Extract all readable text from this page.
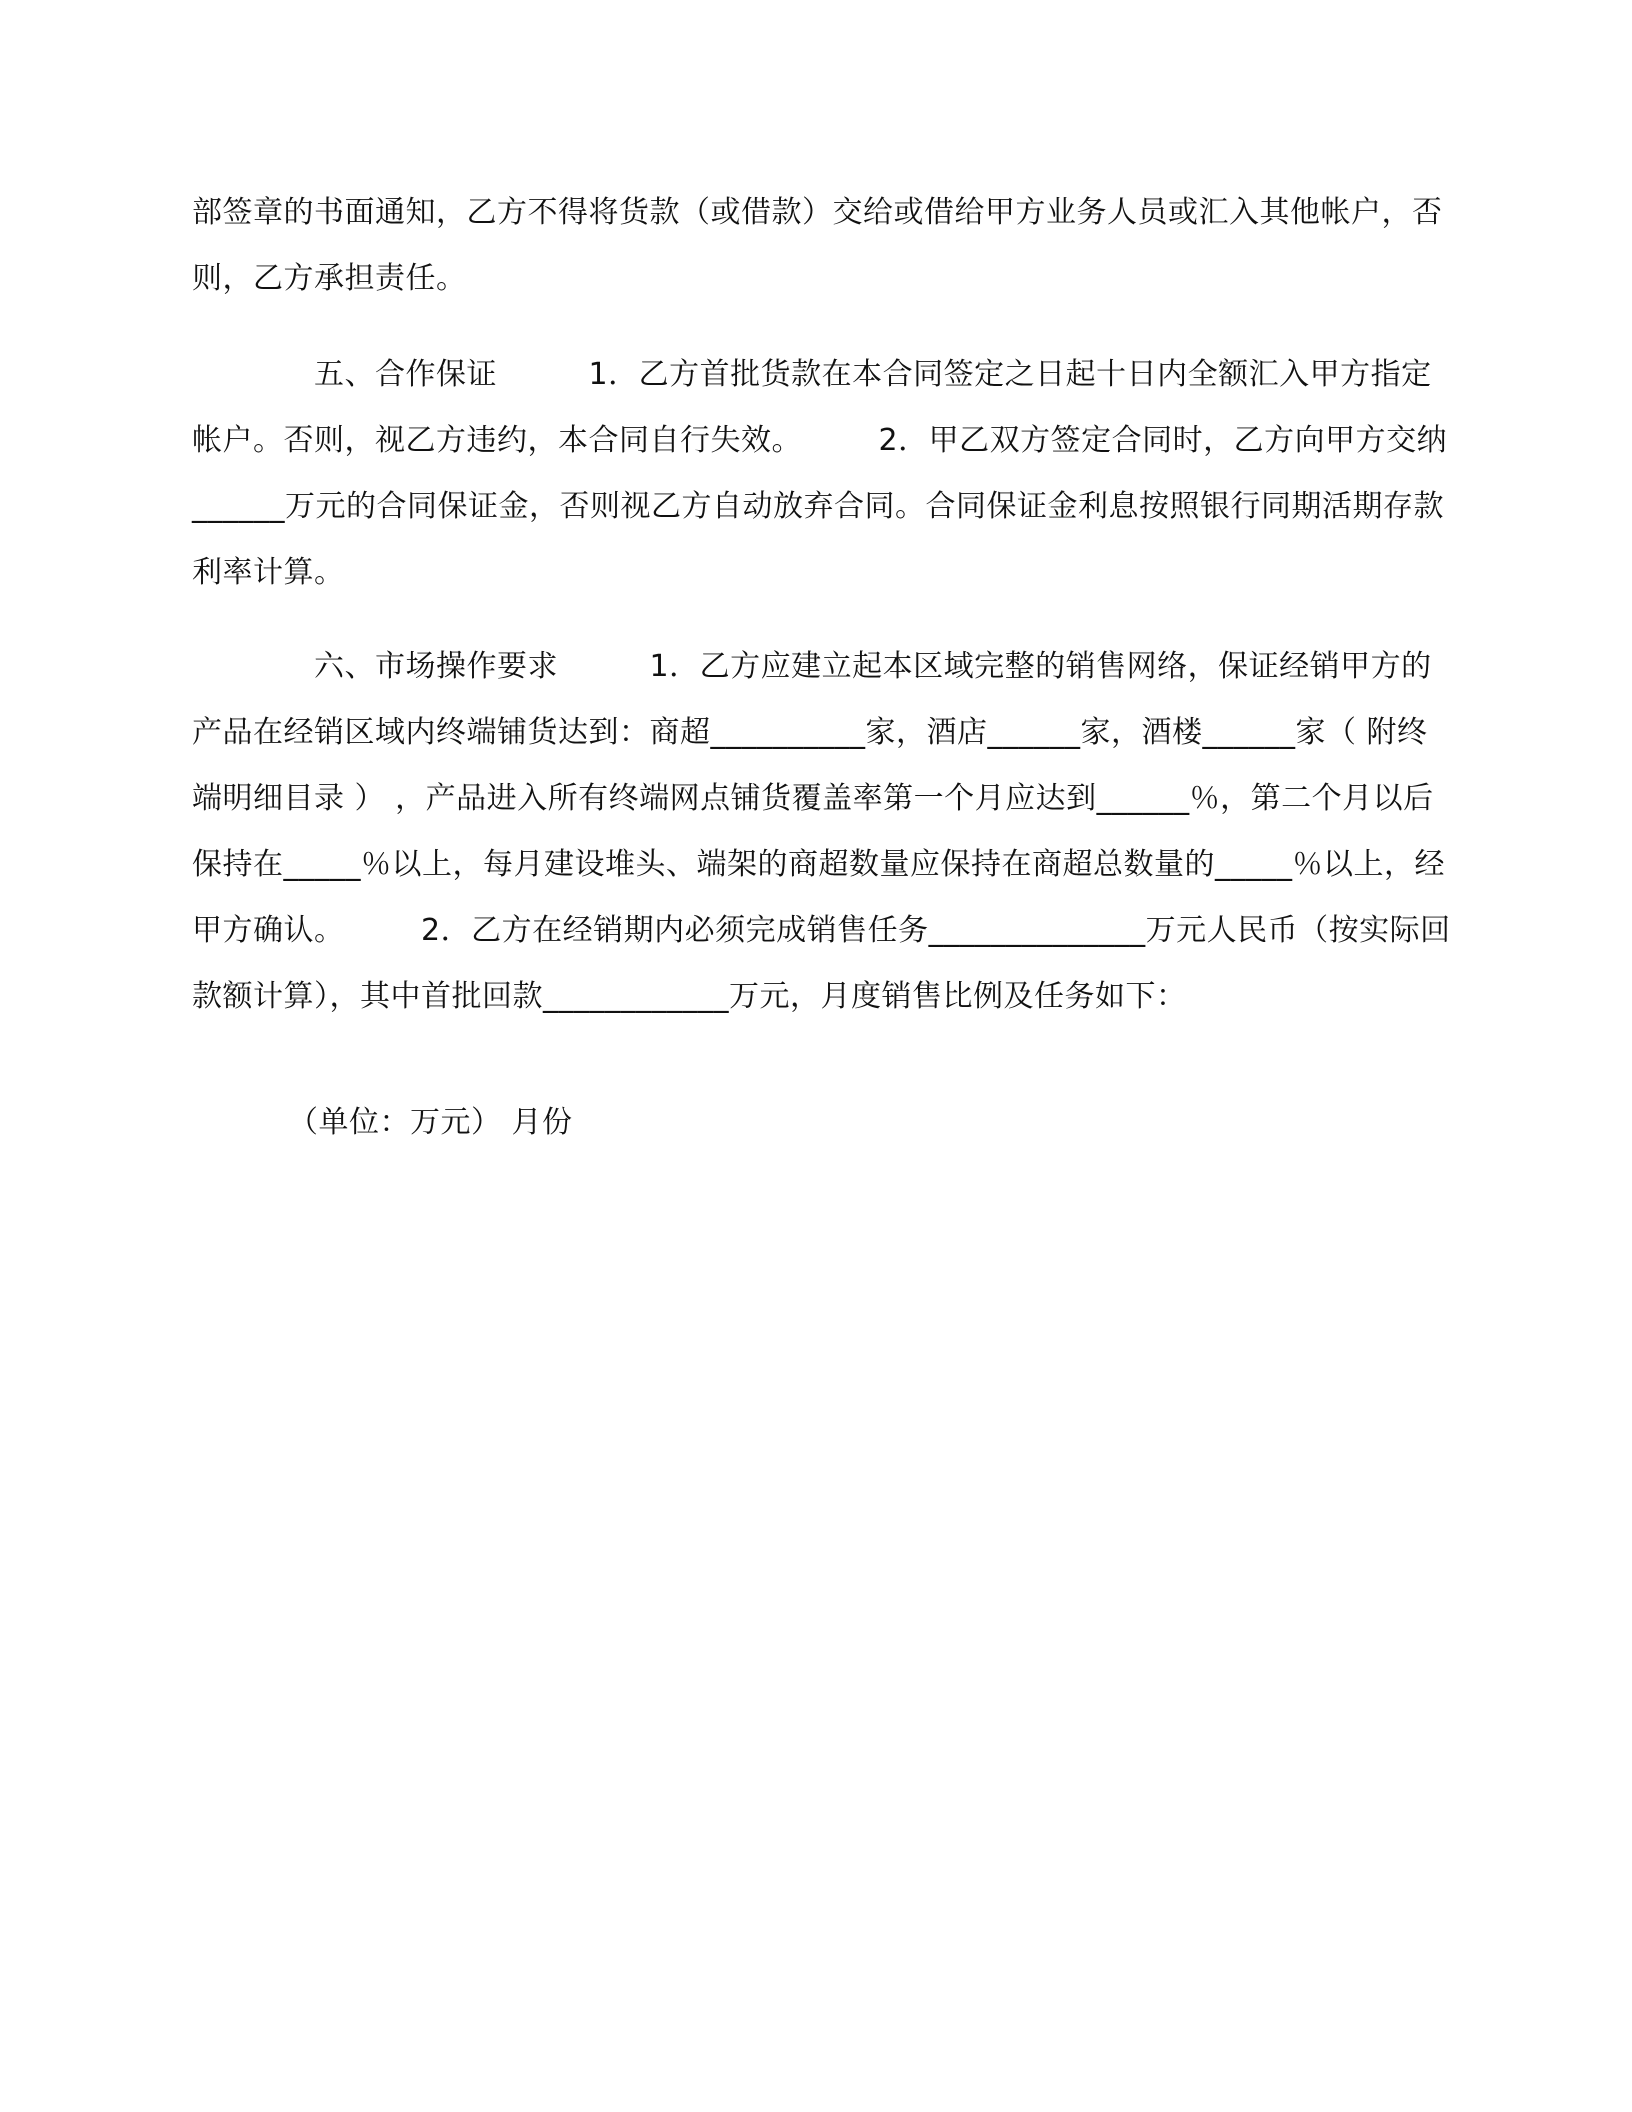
部签章的书面通知，乙方不得将货款（或借款）交给或借给甲方业务人员或汇入其他帐户，否则，乙方承担责任。

　　　　五、合作保证　　　1．乙方首批货款在本合同签定之日起十日内全额汇入甲方指定帐户。否则，视乙方违约，本合同自行失效。　　　2．甲乙双方签定合同时，乙方向甲方交纳______万元的合同保证金，否则视乙方自动放弃合同。合同保证金利息按照银行同期活期存款利率计算。

　　　　六、市场操作要求　　　1．乙方应建立起本区域完整的销售网络，保证经销甲方的产品在经销区域内终端铺货达到：商超__________家，酒店______家，酒楼______家（ 附终端明细目录 ） ，产品进入所有终端网点铺货覆盖率第一个月应达到______％，第二个月以后保持在_____％以上，每月建设堆头、端架的商超数量应保持在商超总数量的_____％以上，经甲方确认。　　　2．乙方在经销期内必须完成销售任务______________万元人民币（按实际回款额计算），其中首批回款____________万元，月度销售比例及任务如下：

（单位：万元） 月份
